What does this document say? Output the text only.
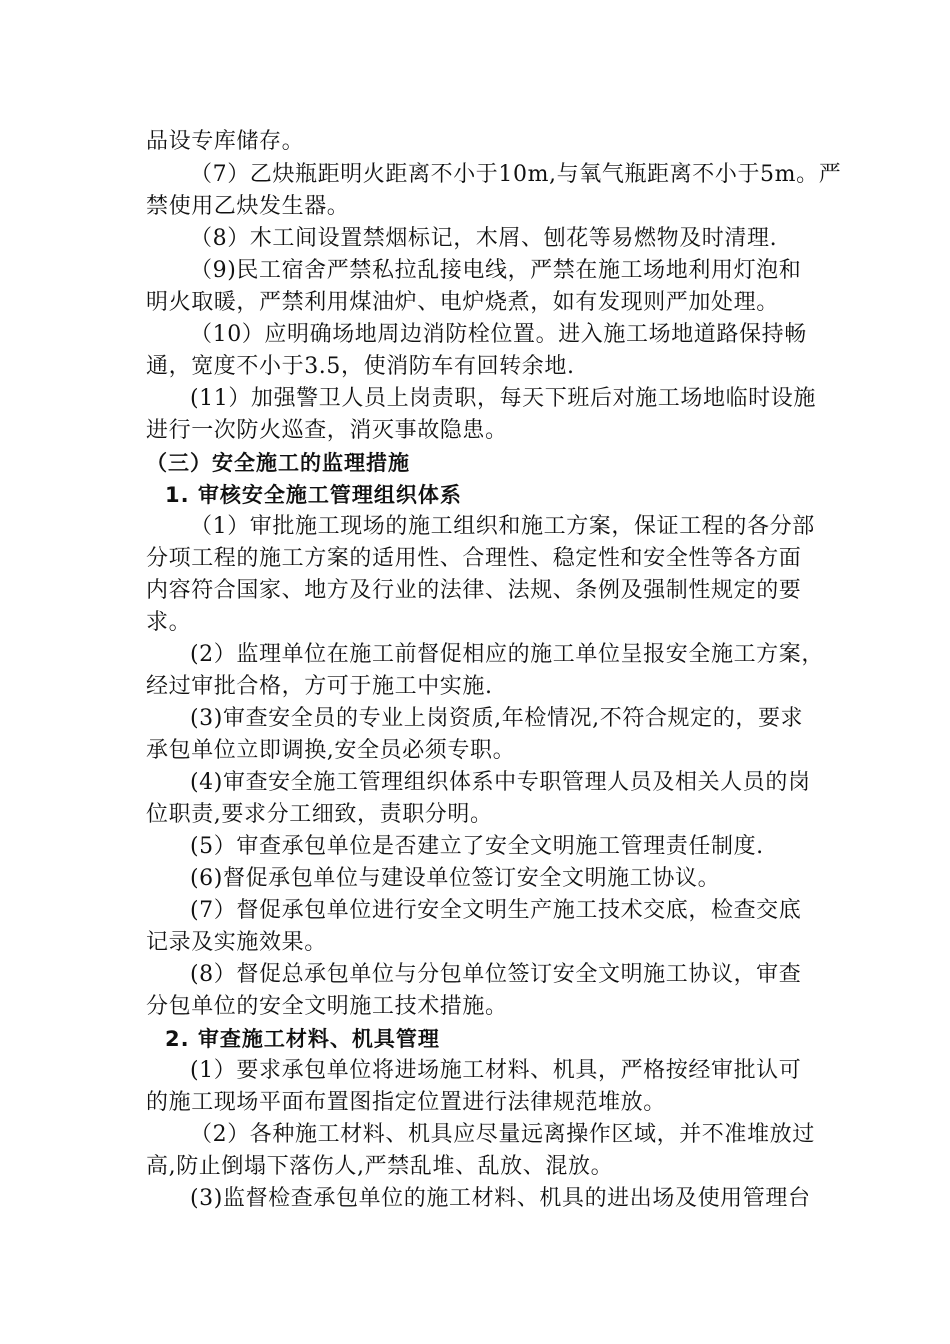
品设专库储存。
（7）乙炔瓶距明火距离不小于10m,与氧气瓶距离不小于5m。严
禁使用乙炔发生器。
（8）木工间设置禁烟标记，木屑、刨花等易燃物及时清理.
（9)民工宿舍严禁私拉乱接电线，严禁在施工场地利用灯泡和
明火取暖，严禁利用煤油炉、电炉烧煮，如有发现则严加处理。
（10）应明确场地周边消防栓位置。进入施工场地道路保持畅
通，宽度不小于3.5，使消防车有回转余地.
(11）加强警卫人员上岗责职，每天下班后对施工场地临时设施
进行一次防火巡查，消灭事故隐患。
（三）安全施工的监理措施
1. 审核安全施工管理组织体系
（1）审批施工现场的施工组织和施工方案，保证工程的各分部
分项工程的施工方案的适用性、合理性、稳定性和安全性等各方面
内容符合国家、地方及行业的法律、法规、条例及强制性规定的要
求。
(2）监理单位在施工前督促相应的施工单位呈报安全施工方案，
经过审批合格，方可于施工中实施.
(3)审查安全员的专业上岗资质,年检情况,不符合规定的，要求
承包单位立即调换,安全员必须专职。
(4)审查安全施工管理组织体系中专职管理人员及相关人员的岗
位职责,要求分工细致，责职分明。
(5）审查承包单位是否建立了安全文明施工管理责任制度.
(6)督促承包单位与建设单位签订安全文明施工协议。
(7）督促承包单位进行安全文明生产施工技术交底，检查交底
记录及实施效果。
(8）督促总承包单位与分包单位签订安全文明施工协议，审查
分包单位的安全文明施工技术措施。
2. 审查施工材料、机具管理
(1）要求承包单位将进场施工材料、机具，严格按经审批认可
的施工现场平面布置图指定位置进行法律规范堆放。
（2）各种施工材料、机具应尽量远离操作区域，并不准堆放过
高,防止倒塌下落伤人,严禁乱堆、乱放、混放。
(3)监督检查承包单位的施工材料、机具的进出场及使用管理台
